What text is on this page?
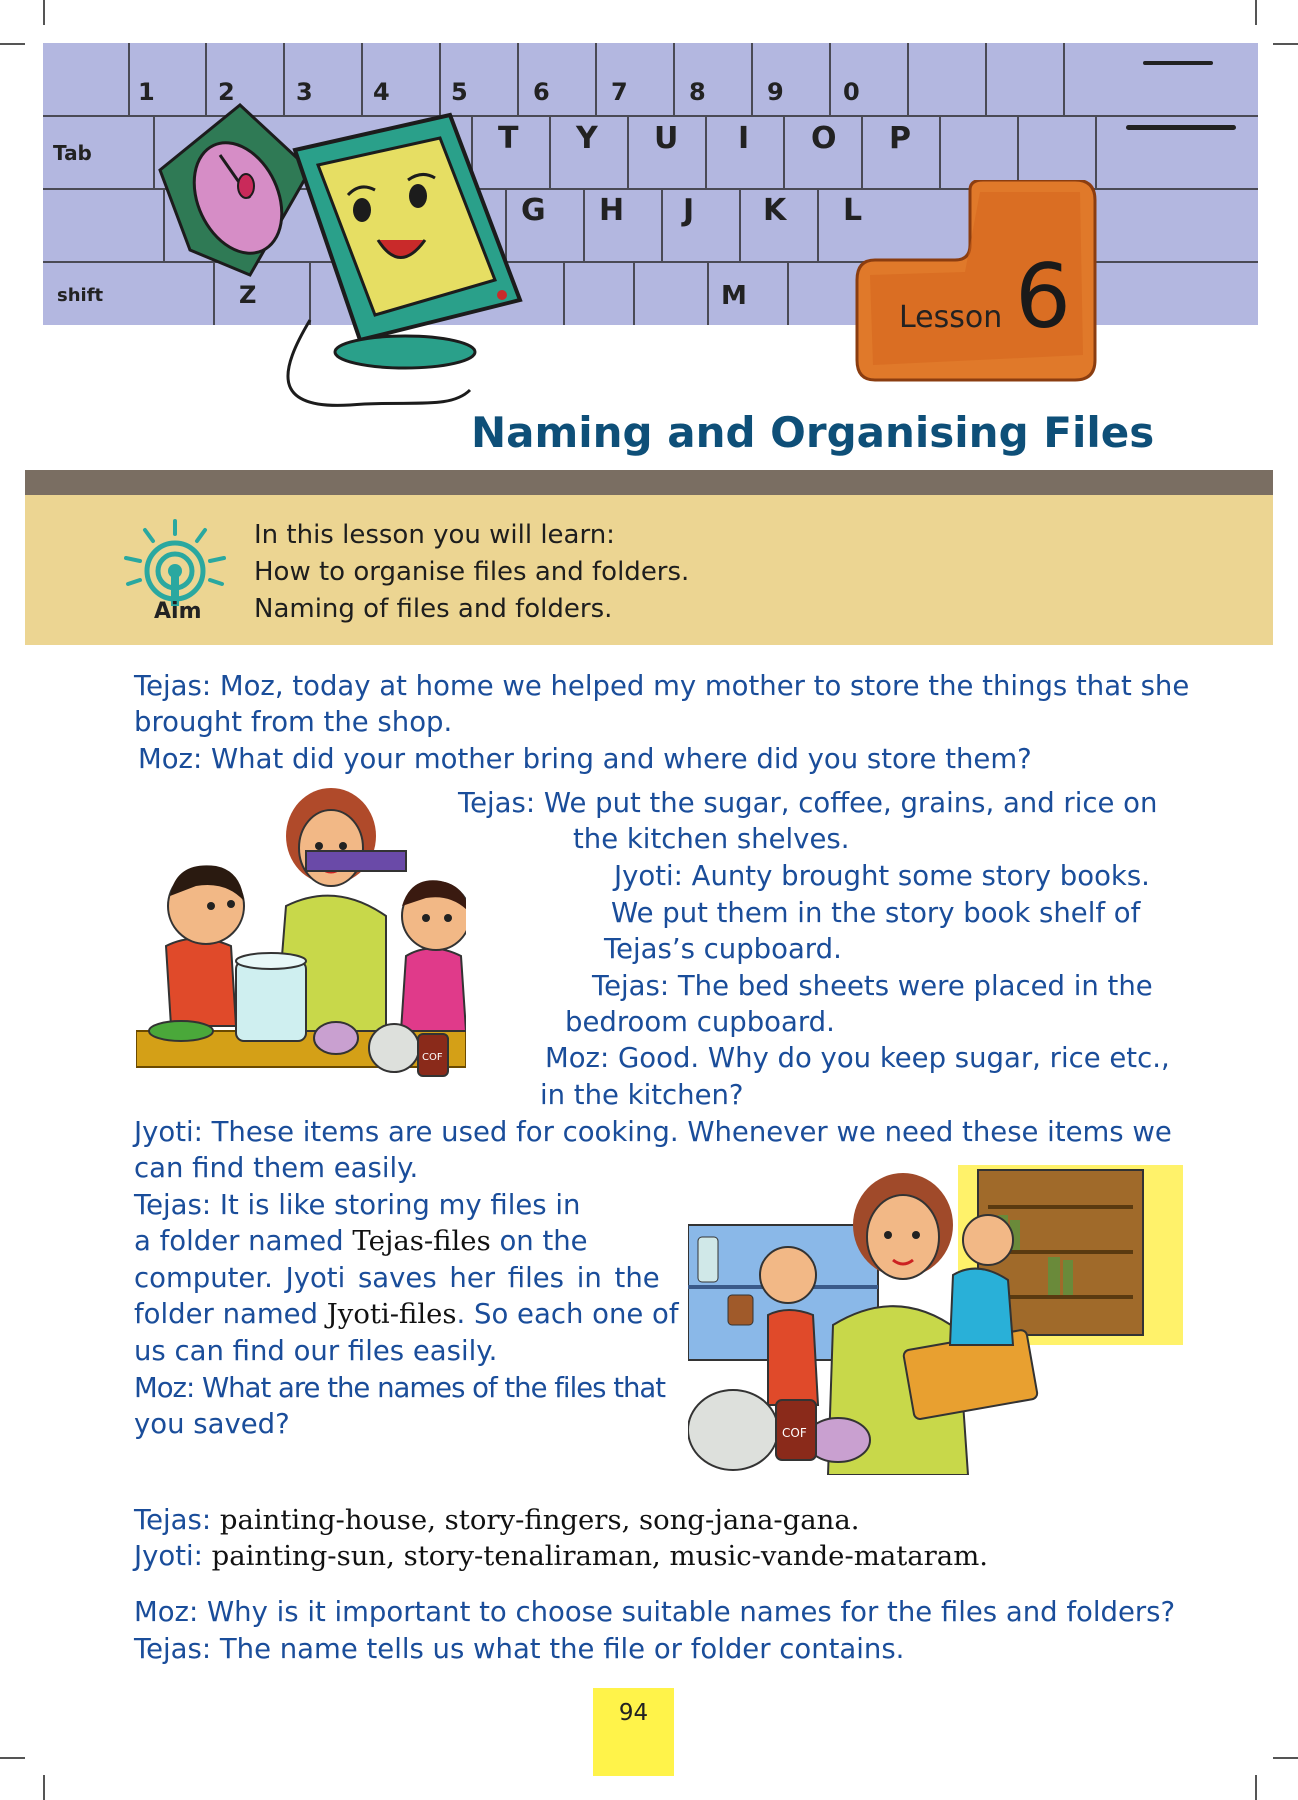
1	2	3	4	5	6	7	8	9 0
T Y U I O P
G H J K L
Z	M
shift
Tab
Lesson 6
Naming and Organising Files
Aim
In this lesson you will learn:
How to organise files and folders.
Naming of files and folders.
Tejas: Moz, today at home we helped my mother to store the things that she
brought from the shop.
Moz: What did your mother bring and where did you store them?
Tejas: We put the sugar, coffee, grains, and rice on
the kitchen shelves.
Jyoti: Aunty brought some story books.
We put them in the story book shelf of
Tejas’s cupboard.
Tejas: The bed sheets were placed in the
bedroom cupboard.
Moz: Good. Why do you keep sugar, rice etc.,
in the kitchen?
Jyoti: These items are used for cooking. Whenever we need these items we
can find them easily.
Tejas: It is like storing my files in
a folder named Tejas-files on the
computer. Jyoti saves her files in the
folder named Jyoti-files. So each one of
us can find our files easily.
Moz: What are the names of the files that
you saved?
Tejas: painting-house, story-fingers, song-jana-gana.
Jyoti: painting-sun, story-tenaliraman, music-vande-mataram.
Moz: Why is it important to choose suitable names for the files and folders?
Tejas: The name tells us what the file or folder contains.
COF
COF
94
